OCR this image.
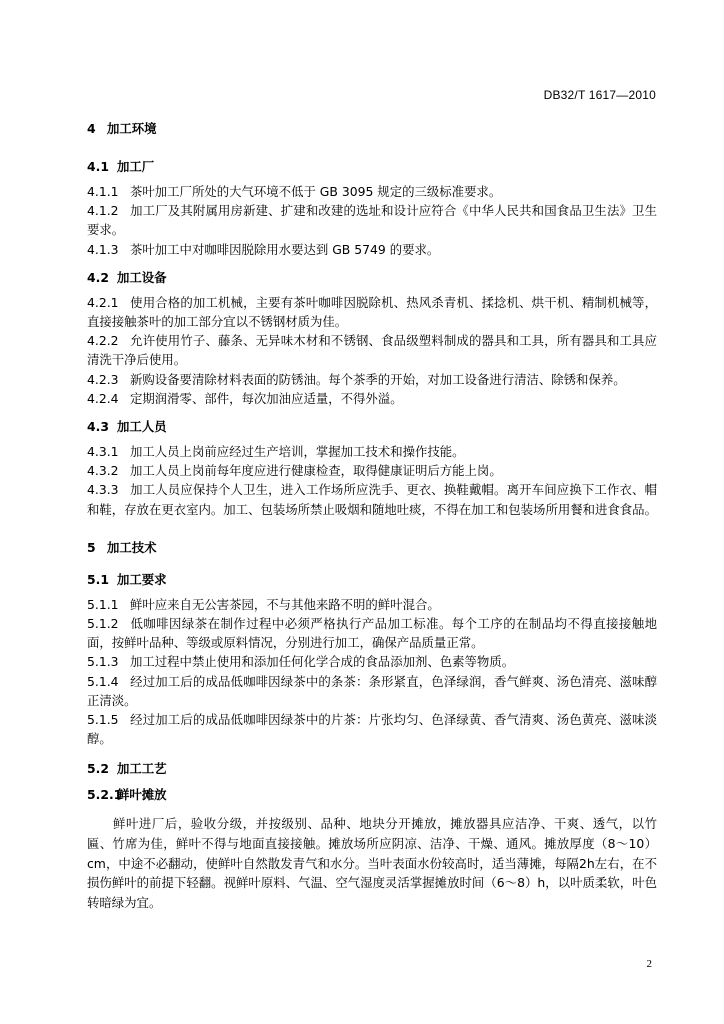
DB32/T 1617—2010
4 加工环境
4.1 加工厂
4.1.1 茶叶加工厂所处的大气环境不低于 GB 3095 规定的三级标准要求。
4.1.2 加工厂及其附属用房新建、扩建和改建的选址和设计应符合《中华人民共和国食品卫生法》卫生要求。
4.1.3 茶叶加工中对咖啡因脱除用水要达到 GB 5749 的要求。
4.2 加工设备
4.2.1 使用合格的加工机械，主要有茶叶咖啡因脱除机、热风杀青机、揉捻机、烘干机、精制机械等，直接接触茶叶的加工部分宜以不锈钢材质为佳。
4.2.2 允许使用竹子、藤条、无异味木材和不锈钢、食品级塑料制成的器具和工具，所有器具和工具应清洗干净后使用。
4.2.3 新购设备要清除材料表面的防锈油。每个茶季的开始，对加工设备进行清洁、除锈和保养。
4.2.4 定期润滑零、部件，每次加油应适量，不得外溢。
4.3 加工人员
4.3.1 加工人员上岗前应经过生产培训，掌握加工技术和操作技能。
4.3.2 加工人员上岗前每年度应进行健康检查，取得健康证明后方能上岗。
4.3.3 加工人员应保持个人卫生，进入工作场所应洗手、更衣、换鞋戴帽。离开车间应换下工作衣、帽和鞋，存放在更衣室内。加工、包装场所禁止吸烟和随地吐痰，不得在加工和包装场所用餐和进食食品。
5 加工技术
5.1 加工要求
5.1.1 鲜叶应来自无公害茶园，不与其他来路不明的鲜叶混合。
5.1.2 低咖啡因绿茶在制作过程中必须严格执行产品加工标准。每个工序的在制品均不得直接接触地面，按鲜叶品种、等级或原料情况，分别进行加工，确保产品质量正常。
5.1.3 加工过程中禁止使用和添加任何化学合成的食品添加剂、色素等物质。
5.1.4 经过加工后的成品低咖啡因绿茶中的条茶：条形紧直，色泽绿润，香气鲜爽、汤色清亮、滋味醇正清淡。
5.1.5 经过加工后的成品低咖啡因绿茶中的片茶：片张均匀、色泽绿黄、香气清爽、汤色黄亮、滋味淡醇。
5.2 加工工艺
5.2.1鲜叶摊放
鲜叶进厂后，验收分级，并按级别、品种、地块分开摊放，摊放器具应洁净、干爽、透气，以竹匾、竹席为佳，鲜叶不得与地面直接接触。摊放场所应阴凉、洁净、干燥、通风。摊放厚度（8～10）cm，中途不必翻动，使鲜叶自然散发青气和水分。当叶表面水份较高时，适当薄摊，每隔2h左右，在不损伤鲜叶的前提下轻翻。视鲜叶原料、气温、空气湿度灵活掌握摊放时间（6～8）h，以叶质柔软，叶色转暗绿为宜。
2
